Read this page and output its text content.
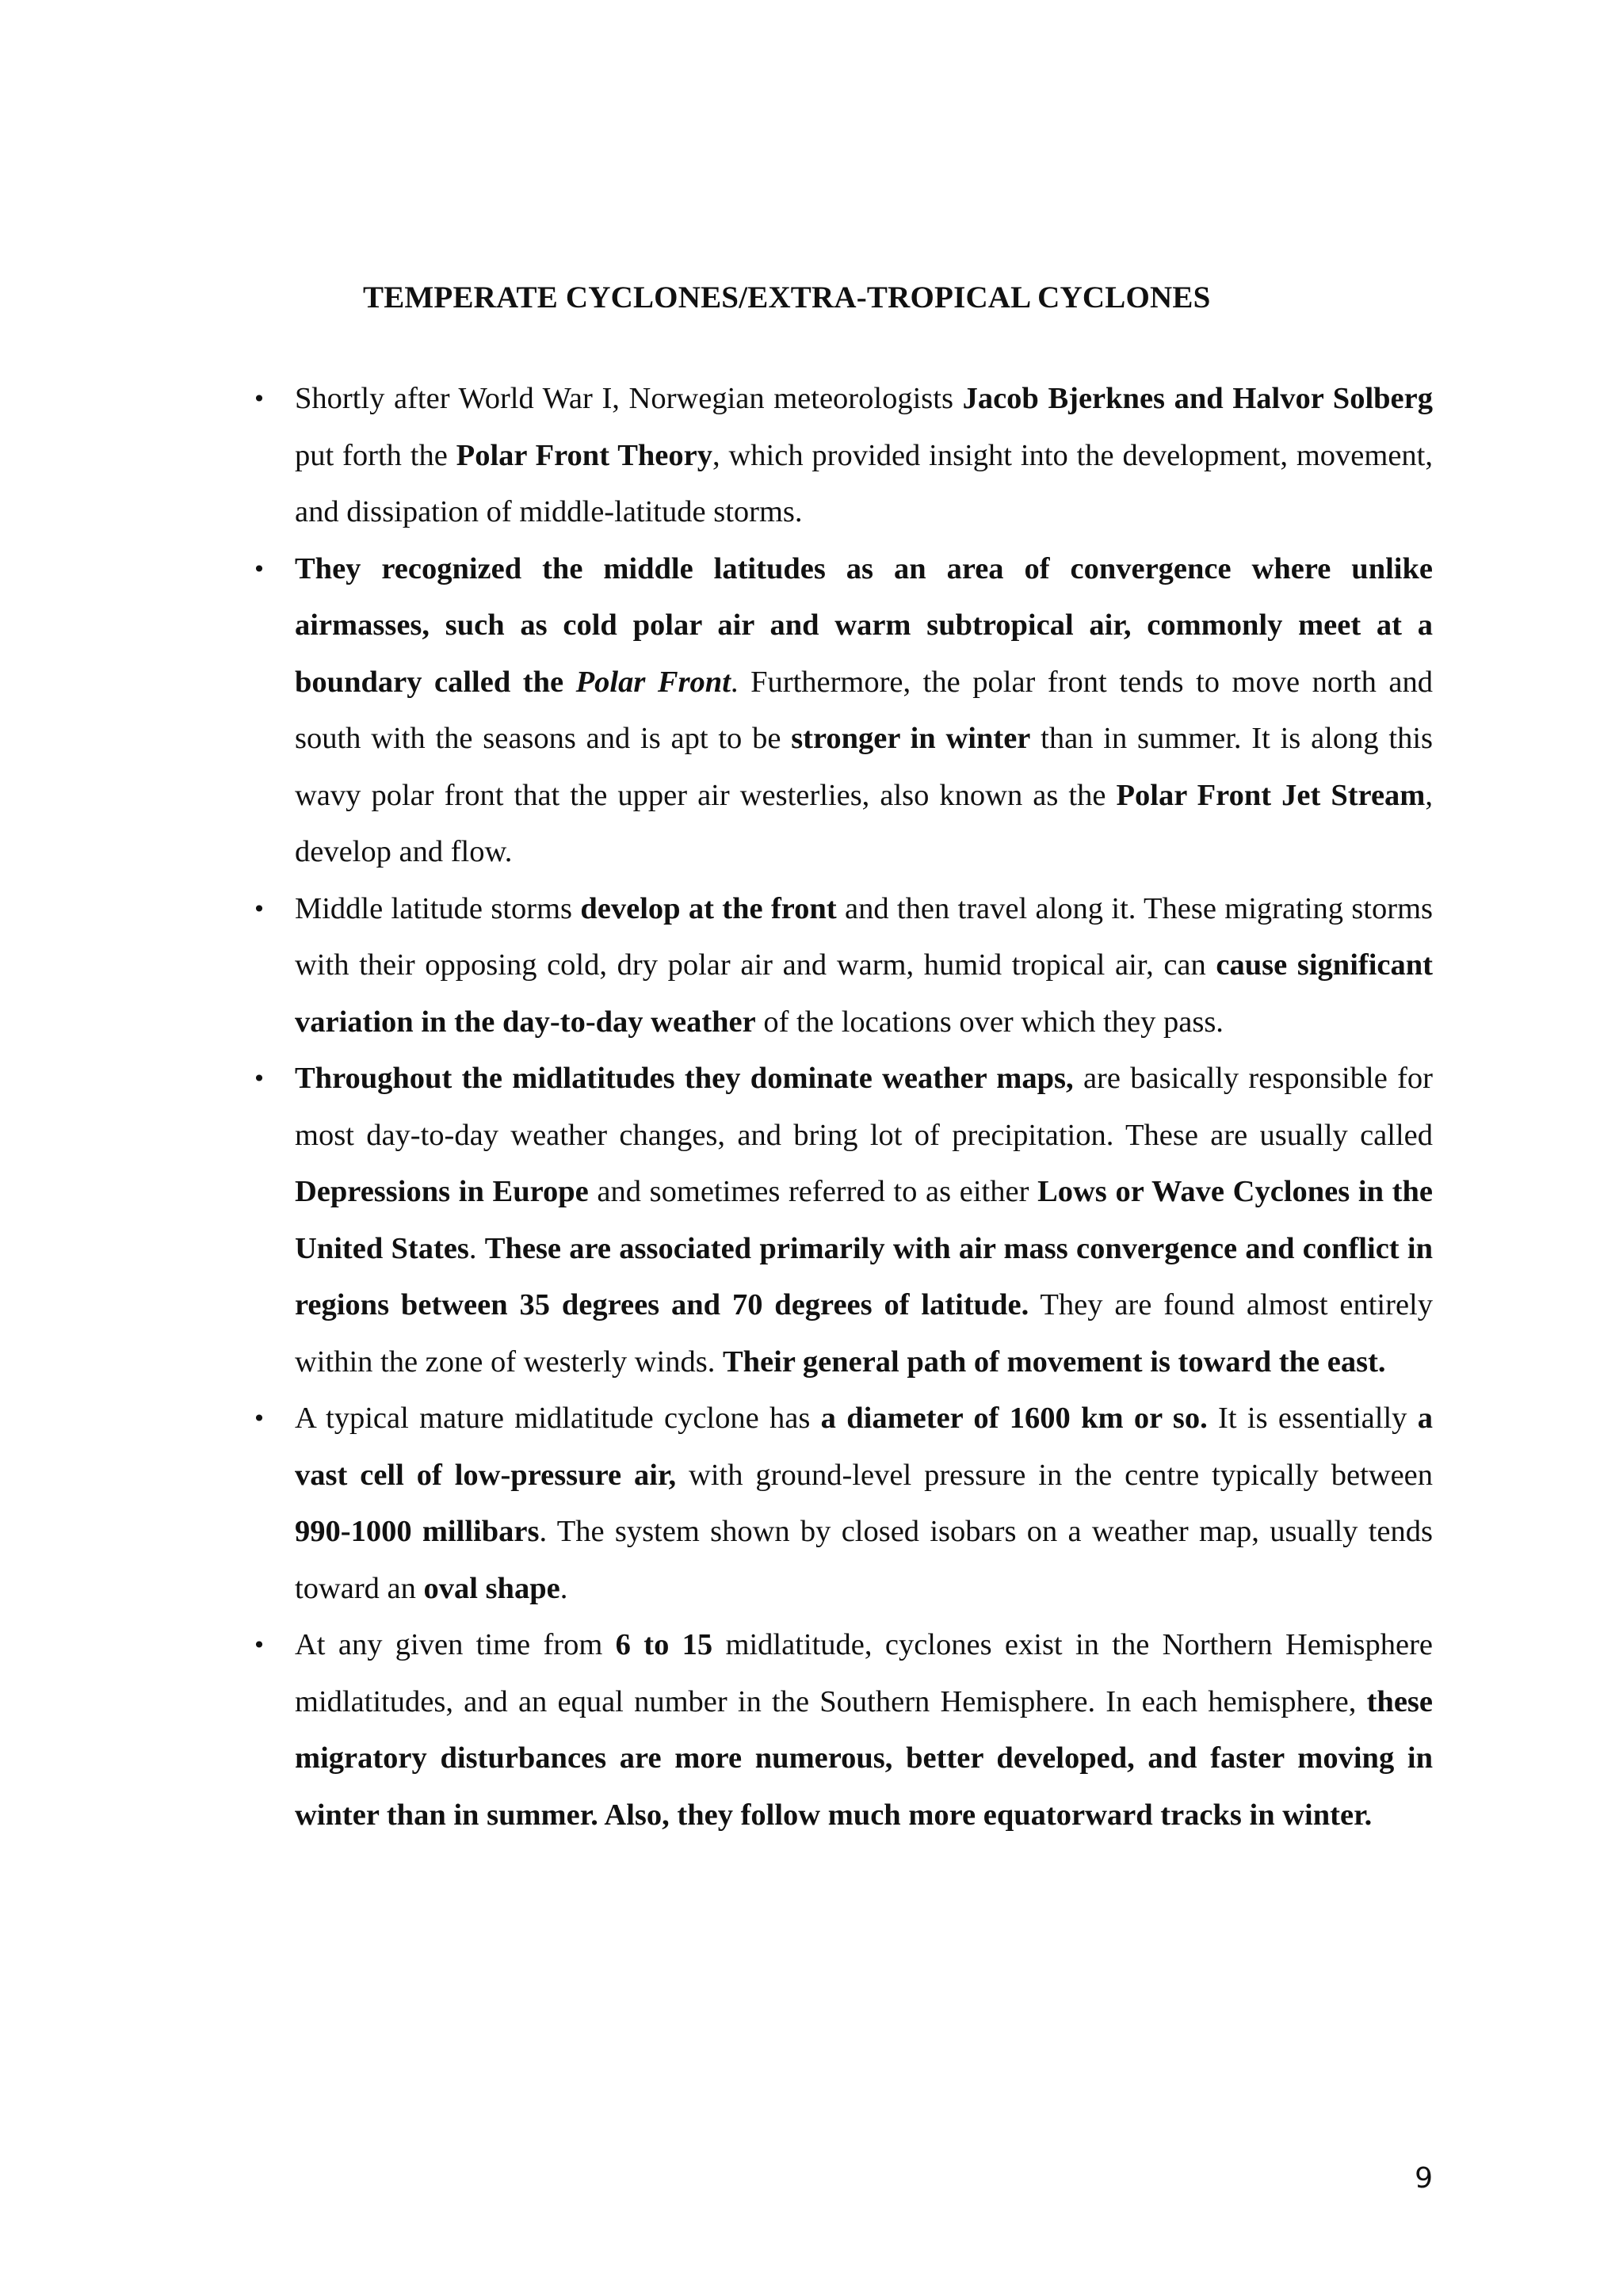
TEMPERATE CYCLONES/EXTRA-TROPICAL CYCLONES
• Shortly after World War I, Norwegian meteorologists Jacob Bjerknes and Halvor Solberg put forth the Polar Front Theory, which provided insight into the development, movement, and dissipation of middle-latitude storms.
• They recognized the middle latitudes as an area of convergence where unlike airmasses, such as cold polar air and warm subtropical air, commonly meet at a boundary called the Polar Front. Furthermore, the polar front tends to move north and south with the seasons and is apt to be stronger in winter than in summer. It is along this wavy polar front that the upper air westerlies, also known as the Polar Front Jet Stream, develop and flow.
• Middle latitude storms develop at the front and then travel along it. These migrating storms with their opposing cold, dry polar air and warm, humid tropical air, can cause significant variation in the day-to-day weather of the locations over which they pass.
• Throughout the midlatitudes they dominate weather maps, are basically responsible for most day-to-day weather changes, and bring lot of precipitation. These are usually called Depressions in Europe and sometimes referred to as either Lows or Wave Cyclones in the United States. These are associated primarily with air mass convergence and conflict in regions between 35 degrees and 70 degrees of latitude. They are found almost entirely within the zone of westerly winds. Their general path of movement is toward the east.
• A typical mature midlatitude cyclone has a diameter of 1600 km or so. It is essentially a vast cell of low-pressure air, with ground-level pressure in the centre typically between 990-1000 millibars. The system shown by closed isobars on a weather map, usually tends toward an oval shape.
• At any given time from 6 to 15 midlatitude, cyclones exist in the Northern Hemisphere midlatitudes, and an equal number in the Southern Hemisphere. In each hemisphere, these migratory disturbances are more numerous, better developed, and faster moving in winter than in summer. Also, they follow much more equatorward tracks in winter.
9
